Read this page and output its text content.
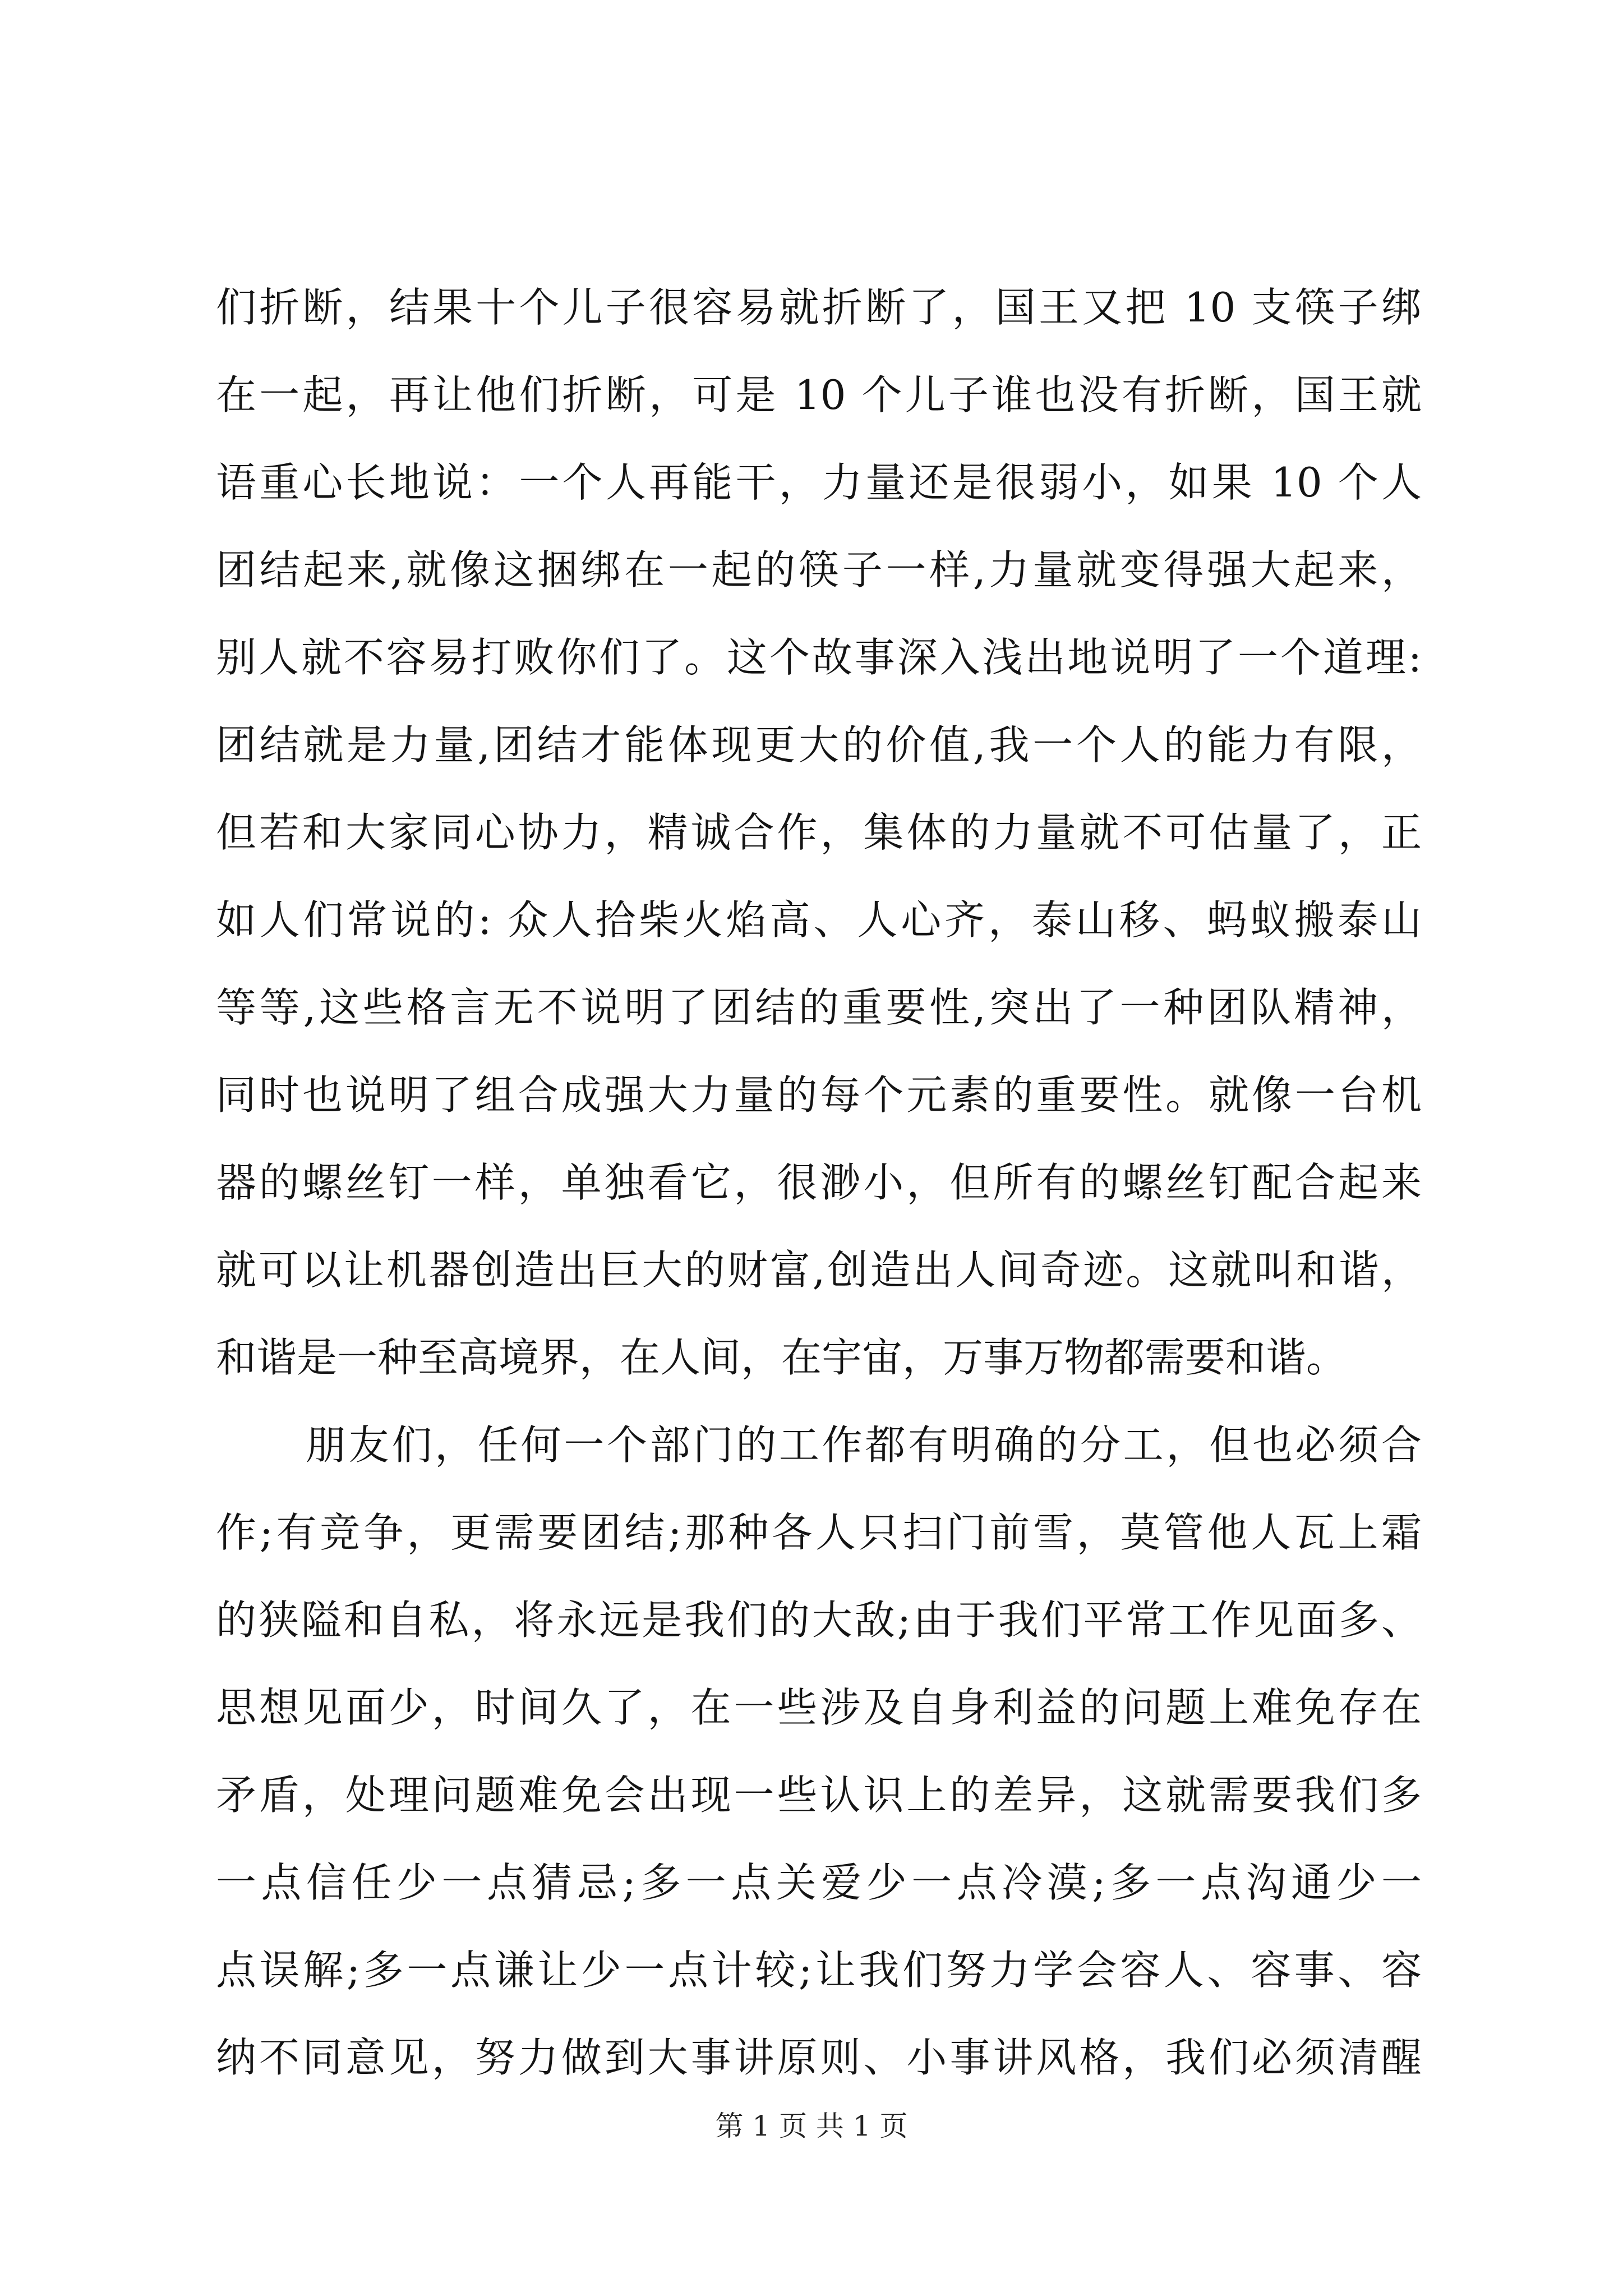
们折断，结果十个儿子很容易就折断了，国王又把 10 支筷子绑
在一起，再让他们折断，可是 10 个儿子谁也没有折断，国王就
语重心长地说：一个人再能干，力量还是很弱小，如果 10 个人
团结起来,就像这捆绑在一起的筷子一样,力量就变得强大起来，
别人就不容易打败你们了。这个故事深入浅出地说明了一个道理:
团结就是力量,团结才能体现更大的价值,我一个人的能力有限，
但若和大家同心协力，精诚合作，集体的力量就不可估量了，正
如人们常说的: 众人拾柴火焰高、人心齐，泰山移、蚂蚁搬泰山
等等,这些格言无不说明了团结的重要性,突出了一种团队精神，
同时也说明了组合成强大力量的每个元素的重要性。就像一台机
器的螺丝钉一样，单独看它，很渺小，但所有的螺丝钉配合起来
就可以让机器创造出巨大的财富,创造出人间奇迹。这就叫和谐，
和谐是一种至高境界，在人间，在宇宙，万事万物都需要和谐。
朋友们，任何一个部门的工作都有明确的分工，但也必须合
作;有竞争，更需要团结;那种各人只扫门前雪，莫管他人瓦上霜
的狭隘和自私，将永远是我们的大敌;由于我们平常工作见面多、
思想见面少，时间久了，在一些涉及自身利益的问题上难免存在
矛盾，处理问题难免会出现一些认识上的差异，这就需要我们多
一点信任少一点猜忌;多一点关爱少一点冷漠;多一点沟通少一
点误解;多一点谦让少一点计较;让我们努力学会容人、容事、容
纳不同意见，努力做到大事讲原则、小事讲风格，我们必须清醒
第 1 页 共 1 页
